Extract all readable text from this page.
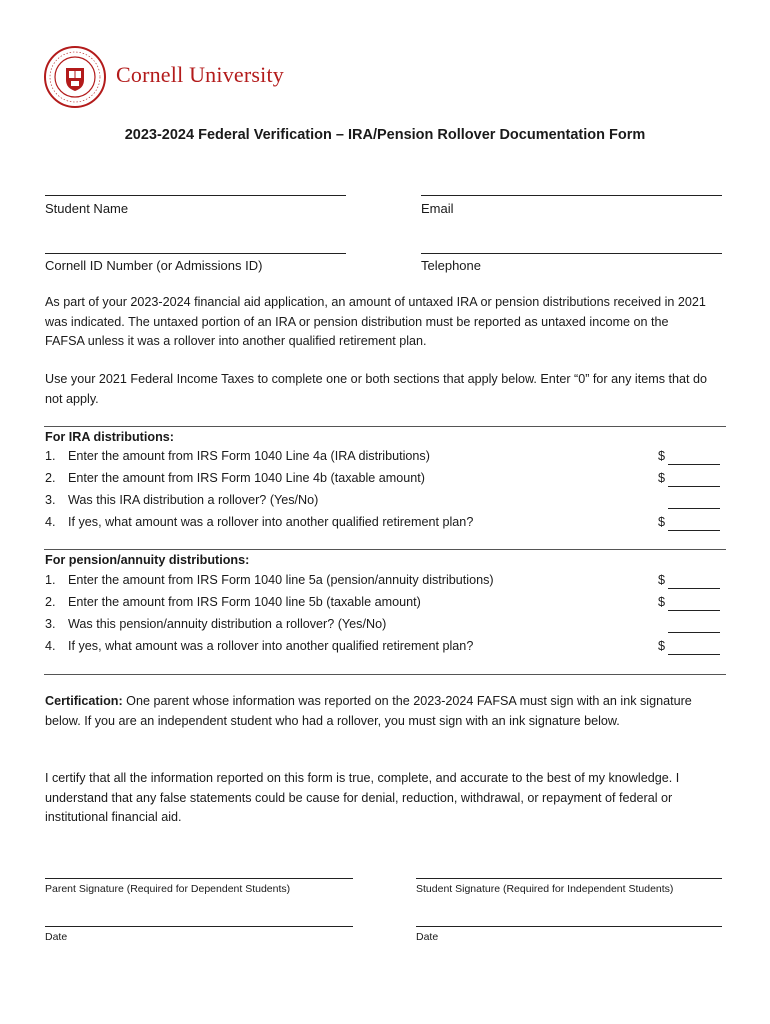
Cornell University
2023-2024 Federal Verification – IRA/Pension Rollover Documentation Form
Student Name	Email
Cornell ID Number (or Admissions ID)	Telephone
As part of your 2023-2024 financial aid application, an amount of untaxed IRA or pension distributions received in 2021 was indicated. The untaxed portion of an IRA or pension distribution must be reported as untaxed income on the FAFSA unless it was a rollover into another qualified retirement plan.
Use your 2021 Federal Income Taxes to complete one or both sections that apply below. Enter “0” for any items that do not apply.
For IRA distributions:
1. Enter the amount from IRS Form 1040 Line 4a (IRA distributions)	$
2. Enter the amount from IRS Form 1040 Line 4b (taxable amount)	$
3. Was this IRA distribution a rollover? (Yes/No)
4. If yes, what amount was a rollover into another qualified retirement plan?	$
For pension/annuity distributions:
1. Enter the amount from IRS Form 1040 line 5a (pension/annuity distributions)	$
2. Enter the amount from IRS Form 1040 line 5b (taxable amount)	$
3. Was this pension/annuity distribution a rollover? (Yes/No)
4. If yes, what amount was a rollover into another qualified retirement plan?	$
Certification: One parent whose information was reported on the 2023-2024 FAFSA must sign with an ink signature below. If you are an independent student who had a rollover, you must sign with an ink signature below.
I certify that all the information reported on this form is true, complete, and accurate to the best of my knowledge. I understand that any false statements could be cause for denial, reduction, withdrawal, or repayment of federal or institutional financial aid.
Parent Signature (Required for Dependent Students)	Student Signature (Required for Independent Students)
Date	Date
